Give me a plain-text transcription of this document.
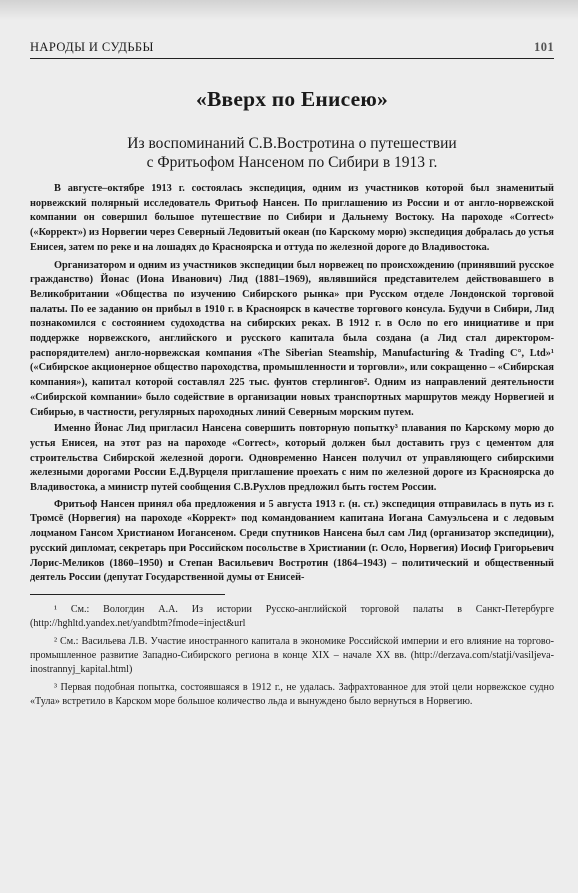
НАРОДЫ И СУДЬБЫ	101
«Вверх по Енисею»
Из воспоминаний С.В.Востротина о путешествии
с Фритьофом Нансеном по Сибири в 1913 г.

В августе–октябре 1913 г. состоялась экспедиция, одним из участников которой был знаменитый норвежский полярный исследователь Фритьоф Нансен. По приглашению из России и от англо-норвежской компании он совершил большое путешествие по Сибири и Дальнему Востоку. На пароходе «Correct» («Коррект») из Норвегии через Северный Ледовитый океан (по Карскому морю) экспедиция добралась до устья Енисея, затем по реке и на лошадях до Красноярска и оттуда по железной дороге до Владивостока.

Организатором и одним из участников экспедиции был норвежец по происхождению (принявший русское гражданство) Йонас (Иона Иванович) Лид (1881–1969), являвшийся представителем действовавшего в Великобритании «Общества по изучению Сибирского рынка» при Русском отделе Лондонской торговой палаты. По ее заданию он прибыл в 1910 г. в Красноярск в качестве торгового консула. Будучи в Сибири, Лид познакомился с состоянием судоходства на сибирских реках. В 1912 г. в Осло по его инициативе и при поддержке норвежского, английского и русского капитала была создана (а Лид стал директором-распорядителем) англо-норвежская компания «The Siberian Steamship, Manufacturing & Trading C°, Ltd»¹ («Сибирское акционерное общество пароходства, промышленности и торговли», или сокращенно – «Сибирская компания»), капитал которой составлял 225 тыс. фунтов стерлингов². Одним из направлений деятельности «Сибирской компании» было содействие в организации новых транспортных маршрутов между Норвегией и Сибирью, в частности, регулярных пароходных линий Северным морским путем.

Именно Йонас Лид пригласил Нансена совершить повторную попытку³ плавания по Карскому морю до устья Енисея, на этот раз на пароходе «Correct», который должен был доставить груз с цементом для строительства Сибирской железной дороги. Одновременно Нансен получил от управляющего сибирскими железными дорогами России Е.Д.Вурцеля приглашение проехать с ним по железной дороге из Красноярска до Владивостока, а министр путей сообщения С.В.Рухлов предложил быть гостем России.

Фритьоф Нансен принял оба предложения и 5 августа 1913 г. (н. ст.) экспедиция отправилась в путь из г. Тромсё (Норвегия) на пароходе «Коррект» под командованием капитана Иогана Самуэльсена и с ледовым лоцманом Гансом Христианом Иогансеном. Среди спутников Нансена был сам Лид (организатор экспедиции), русский дипломат, секретарь при Российском посольстве в Христиании (г. Осло, Норвегия) Иосиф Григорьевич Лорис-Меликов (1860–1950) и Степан Васильевич Востротин (1864–1943) – политический и общественный деятель России (депутат Государственной думы от Енисей-

¹ См.: Вологдин А.А. Из истории Русско-английской торговой палаты в Санкт-Петербурге (http://hghltd.yandex.net/yandbtm?fmode=inject&url

² См.: Васильева Л.В. Участие иностранного капитала в экономике Российской империи и его влияние на торгово-промышленное развитие Западно-Сибирского региона в конце XIX – начале XX вв. (http://derzava.com/statji/vasiljeva-inostrannyj_kapital.html)

³ Первая подобная попытка, состоявшаяся в 1912 г., не удалась. Зафрахтованное для этой цели норвежское судно «Тула» встретило в Карском море большое количество льда и вынуждено было вернуться в Норвегию.
